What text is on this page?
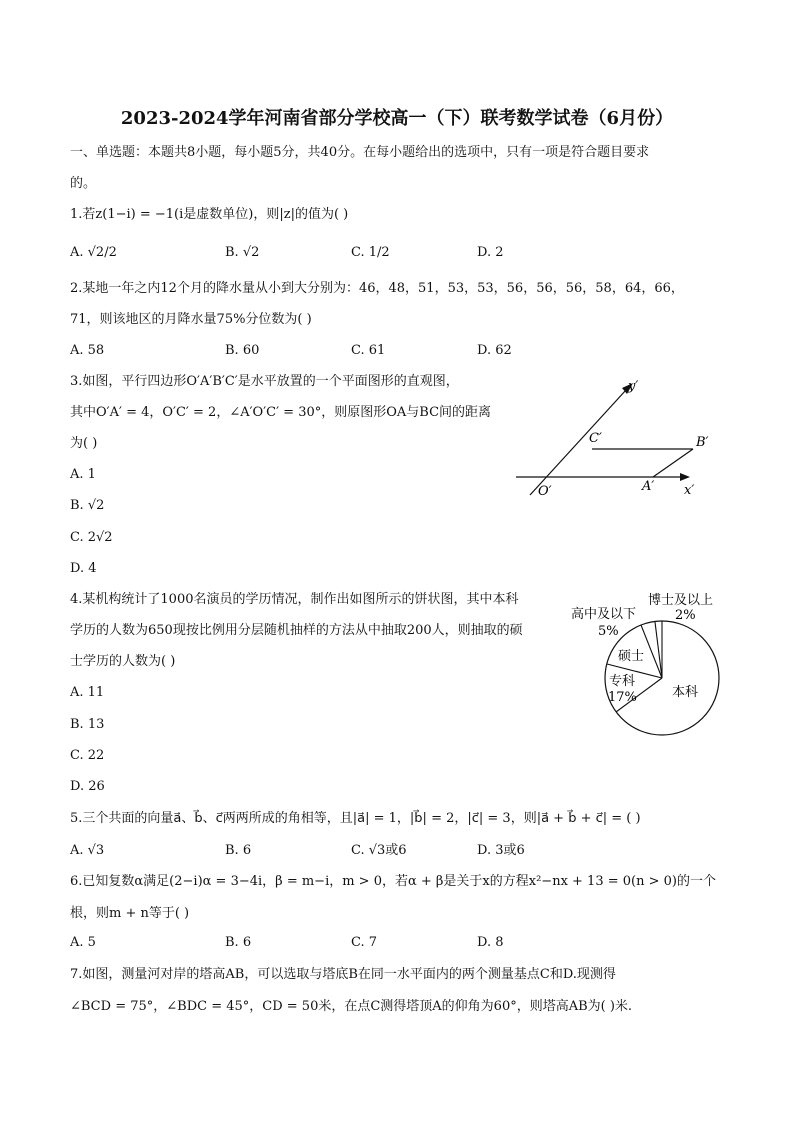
2023-2024学年河南省部分学校高一（下）联考数学试卷（6月份）
一、单选题：本题共8小题，每小题5分，共40分。在每小题给出的选项中，只有一项是符合题目要求
的。
1.若z(1−i) = −1(i是虚数单位)，则|z|的值为( )
A. √2/2	B. √2	C. 1/2	D. 2
2.某地一年之内12个月的降水量从小到大分别为：46，48，51，53，53，56，56，56，58，64，66，
71，则该地区的月降水量75%分位数为( )
A. 58	B. 60	C. 61	D. 62
3.如图，平行四边形O′A′B′C′是水平放置的一个平面图形的直观图，
其中O′A′ = 4，O′C′ = 2，∠A′O′C′ = 30°，则原图形OA与BC间的距离
为( )
A. 1
B. √2
C. 2√2
D. 4
y′
C′	B′
O′	A′ x′
4.某机构统计了1000名演员的学历情况，制作出如图所示的饼状图，其中本科
学历的人数为650现按比例用分层随机抽样的方法从中抽取200人，则抽取的硕
士学历的人数为( )
A. 11
B. 13
C. 22
D. 26
博士及以上
2%
高中及以下
5%
硕士
专科
17%	本科
5.三个共面的向量a⃗、b⃗、c⃗两两所成的角相等，且|a⃗| = 1，|b⃗| = 2，|c⃗| = 3，则|a⃗ + b⃗ + c⃗| = ( )
A. √3	B. 6	C. √3或6	D. 3或6
6.已知复数α满足(2−i)α = 3−4i，β = m−i，m > 0，若α + β是关于x的方程x²−nx + 13 = 0(n > 0)的一个
根，则m + n等于( )
A. 5	B. 6	C. 7	D. 8
7.如图，测量河对岸的塔高AB，可以选取与塔底B在同一水平面内的两个测量基点C和D.现测得
∠BCD = 75°，∠BDC = 45°，CD = 50米，在点C测得塔顶A的仰角为60°，则塔高AB为( )米.
